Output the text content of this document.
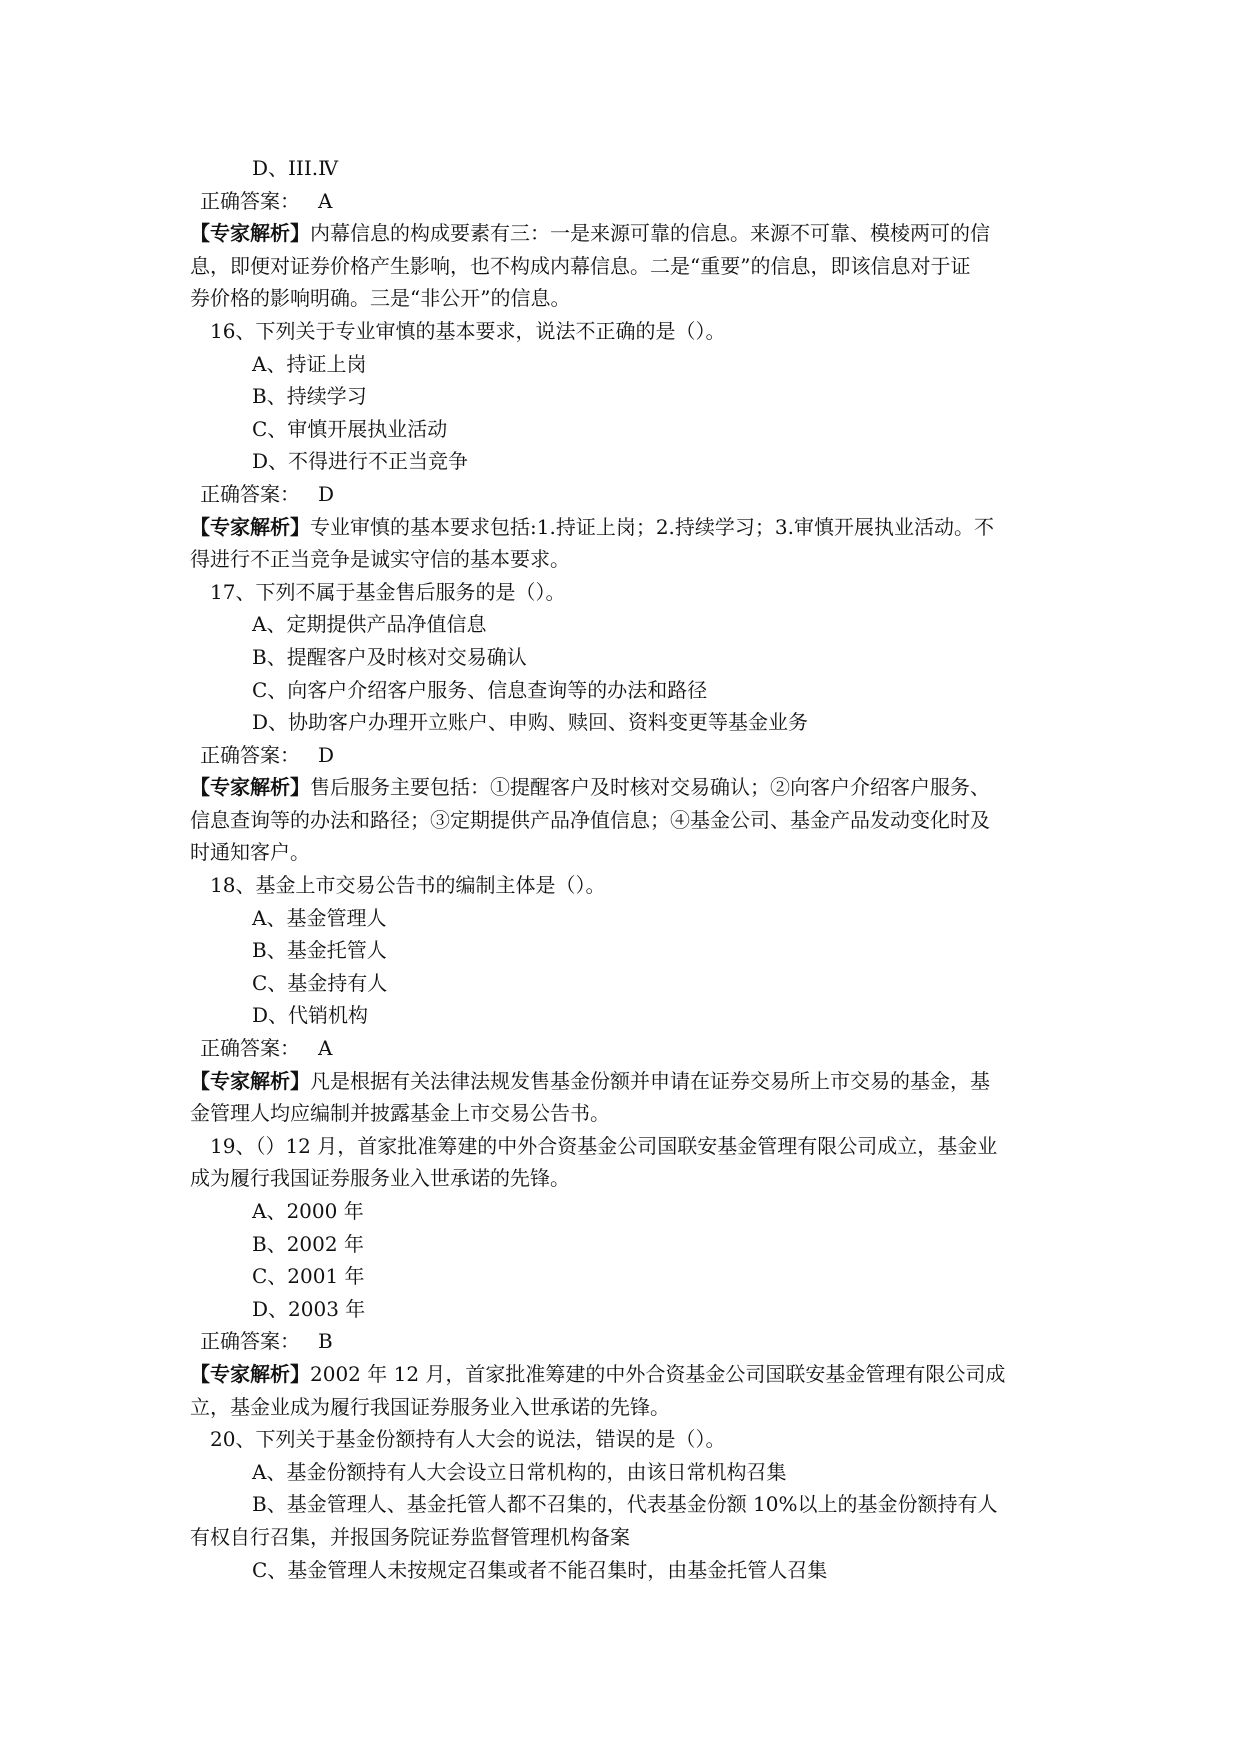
D、III.Ⅳ
正确答案： A
【专家解析】内幕信息的构成要素有三：一是来源可靠的信息。来源不可靠、模棱两可的信
息，即便对证券价格产生影响，也不构成内幕信息。二是“重要”的信息，即该信息对于证
券价格的影响明确。三是“非公开”的信息。
16、下列关于专业审慎的基本要求，说法不正确的是（）。
A、持证上岗
B、持续学习
C、审慎开展执业活动
D、不得进行不正当竞争
正确答案： D
【专家解析】专业审慎的基本要求包括:1.持证上岗；2.持续学习；3.审慎开展执业活动。不
得进行不正当竞争是诚实守信的基本要求。
17、下列不属于基金售后服务的是（）。
A、定期提供产品净值信息
B、提醒客户及时核对交易确认
C、向客户介绍客户服务、信息查询等的办法和路径
D、协助客户办理开立账户、申购、赎回、资料变更等基金业务
正确答案： D
【专家解析】售后服务主要包括：①提醒客户及时核对交易确认；②向客户介绍客户服务、
信息查询等的办法和路径；③定期提供产品净值信息；④基金公司、基金产品发动变化时及
时通知客户。
18、基金上市交易公告书的编制主体是（）。
A、基金管理人
B、基金托管人
C、基金持有人
D、代销机构
正确答案： A
【专家解析】凡是根据有关法律法规发售基金份额并申请在证券交易所上市交易的基金，基
金管理人均应编制并披露基金上市交易公告书。
19、（）12 月，首家批准筹建的中外合资基金公司国联安基金管理有限公司成立，基金业
成为履行我国证券服务业入世承诺的先锋。
A、2000 年
B、2002 年
C、2001 年
D、2003 年
正确答案： B
【专家解析】2002 年 12 月，首家批准筹建的中外合资基金公司国联安基金管理有限公司成
立，基金业成为履行我国证券服务业入世承诺的先锋。
20、下列关于基金份额持有人大会的说法，错误的是（）。
A、基金份额持有人大会设立日常机构的，由该日常机构召集
B、基金管理人、基金托管人都不召集的，代表基金份额 10%以上的基金份额持有人
有权自行召集，并报国务院证券监督管理机构备案
C、基金管理人未按规定召集或者不能召集时，由基金托管人召集
